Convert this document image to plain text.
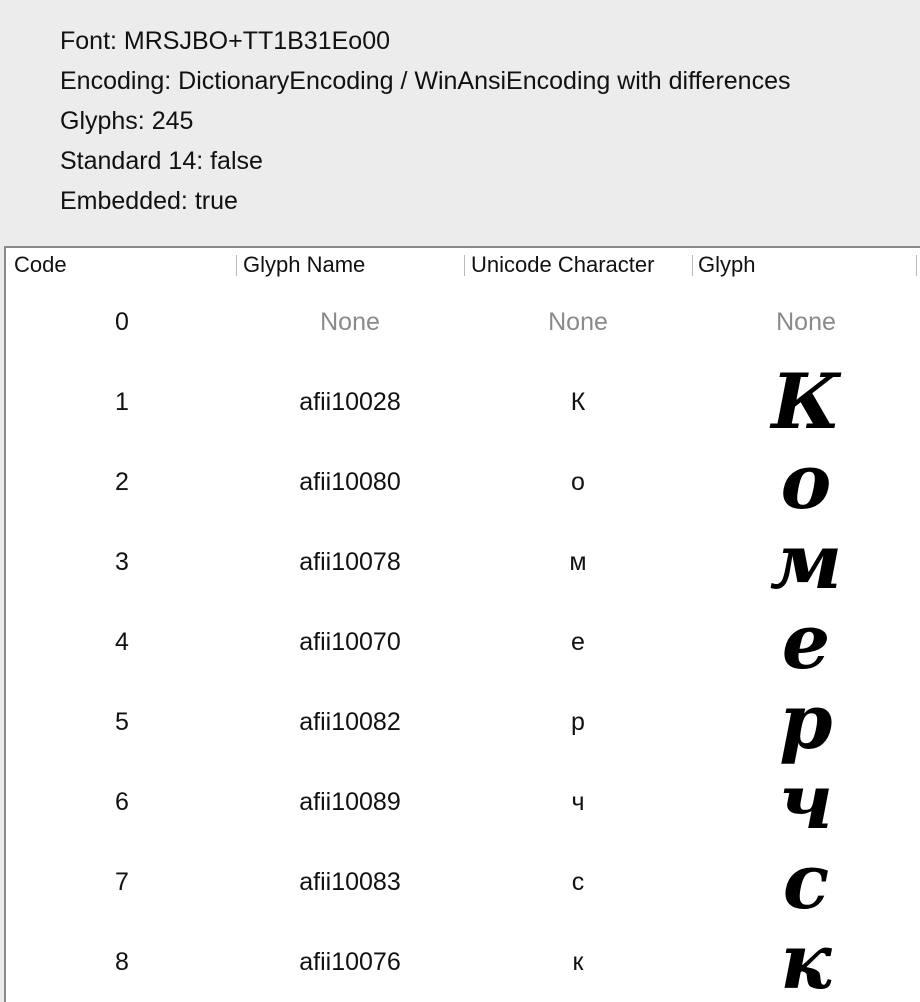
Font: MRSJBO+TT1B31Eo00
Encoding: DictionaryEncoding / WinAnsiEncoding with differences
Glyphs: 245
Standard 14: false
Embedded: true
Code	Glyph Name	Unicode Character Glyph
0	None	None	None
1	afii10028	К	К
2	afii10080	о	о
3	afii10078	м	м
4	afii10070	е	е
5	afii10082	р	р
6	afii10089	ч	ч
7	afii10083	с	с
8	afii10076	к	к
